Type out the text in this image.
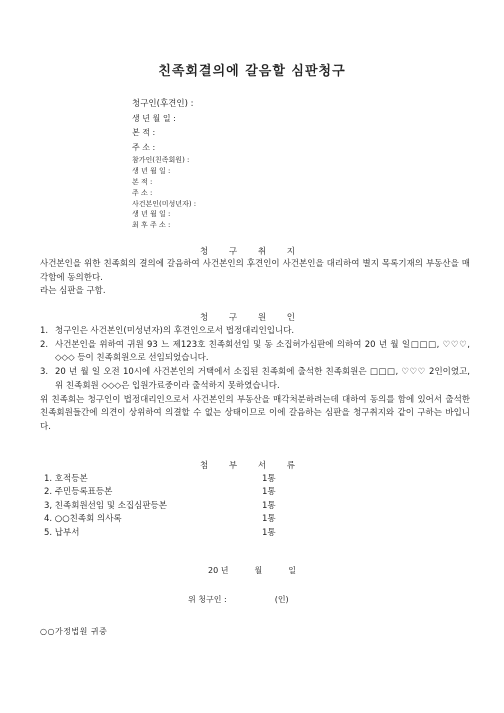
친족회결의에 갈음할 심판청구
청구인(후견인) :
생 년 월 일 :
본 적 :
주 소 :
참가인(친족회원) :
생 년 월 일 :
본 적 :
주 소 :
사건본인(미성년자) :
생 년 월 일 :
최 후 주 소 :
청 구 취 지

사건본인을 위한 친족회의 결의에 갈음하여 사건본인의 후견인이 사건본인을 대리하여 별지 목록기재의 부동산을 매각함에 동의한다.

라는 심판을 구함.

청 구 원 인
1. 청구인은 사건본인(미성년자)의 후견인으로서 법정대리인입니다.
2. 사건본인을 위하여 귀원 93 느 제123호 친족회선임 및 동 소집허가심판에 의하여 20 년 월 일□□□, ♡♡♡, ◇◇◇ 등이 친족회원으로 선임되었습니다.
3. 20 년 월 일 오전 10시에 사건본인의 거택에서 소집된 친족회에 출석한 친족회원은 □□□, ♡♡♡ 2인이였고, 위 친족회원 ◇◇◇은 입원가료중이라 출석하지 못하였습니다.
위 친족회는 청구인이 법정대리인으로서 사건본인의 부동산을 매각처분하려는데 대하여 동의를 함에 있어서 출석한 친족회원들간에 의견이 상위하여 의결할 수 없는 상태이므로 이에 갈음하는 심판을 청구취지와 같이 구하는 바입니다.
첨 부 서 류
1. 호적등본	1통
2. 주민등록표등본	1통
3, 친족회원선임 및 소집심판등본	1통
4. ○○친족회 의사록	1통
5. 납부서	1통
20 년	월	일
위 청구인 :	(인)
○○가정법원 귀중
